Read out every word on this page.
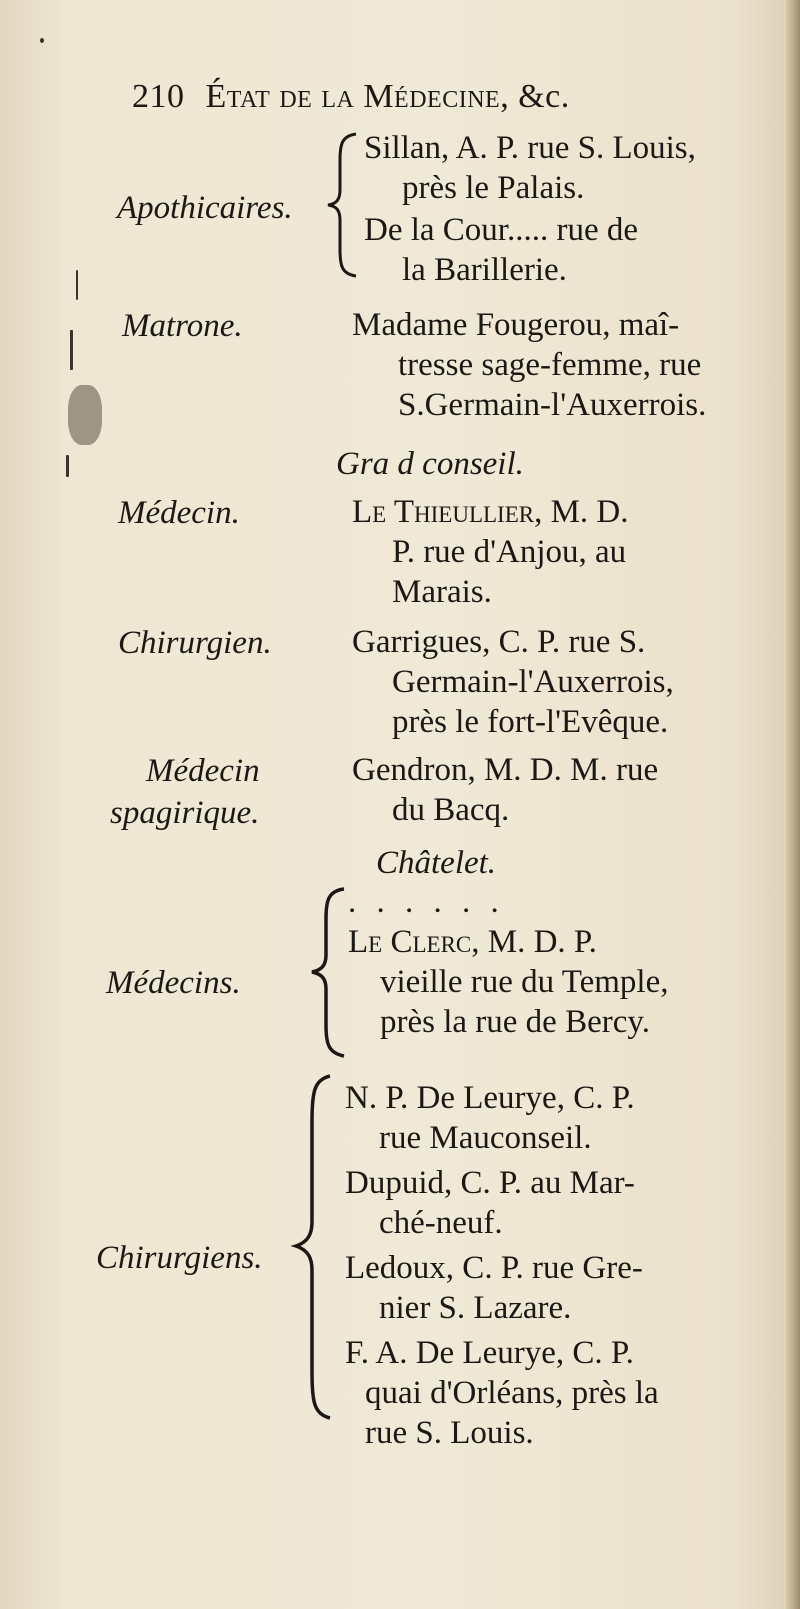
210 État de la Médecine, &c.
Apothicaires.
Sillan, A. P. rue S. Louis,
près le Palais.
De la Cour..... rue de
la Barillerie.
Matrone.	Madame Fougerou, maî-
tresse sage-femme, rue
S.Germain-l'Auxerrois.
Gra d conseil.
Médecin.	Le Thieullier, M. D.
P. rue d'Anjou, au
Marais.
Chirurgien. Garrigues, C. P. rue S.
Germain-l'Auxerrois,
près le fort-l'Evêque.
Médecin
spagirique.
Gendron, M. D. M. rue
du Bacq.
Châtelet.
Médecins.
. . . . . .
Le Clerc, M. D. P.
vieille rue du Temple,
près la rue de Bercy.
Chirurgiens.
N. P. De Leurye, C. P.
rue Mauconseil.
Dupuid, C. P. au Mar-
ché-neuf.
Ledoux, C. P. rue Gre-
nier S. Lazare.
F. A. De Leurye, C. P.
quai d'Orléans, près la
rue S. Louis.
